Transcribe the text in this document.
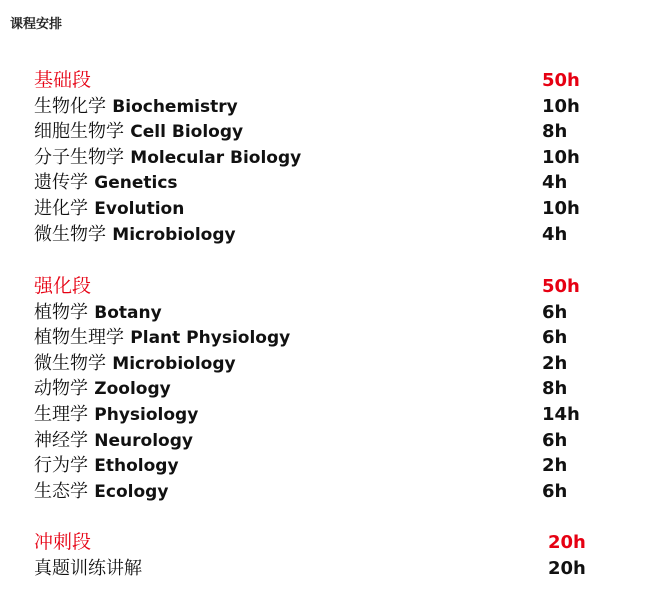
课程安排
基础段	50h
生物化学 Biochemistry	10h
细胞生物学 Cell Biology	8h
分子生物学 Molecular Biology	10h
遗传学 Genetics	4h
进化学 Evolution	10h
微生物学 Microbiology	4h
强化段	50h
植物学 Botany	6h
植物生理学 Plant Physiology	6h
微生物学 Microbiology	2h
动物学 Zoology	8h
生理学 Physiology	14h
神经学 Neurology	6h
行为学 Ethology	2h
生态学 Ecology	6h
冲刺段	20h
真题训练讲解	20h
